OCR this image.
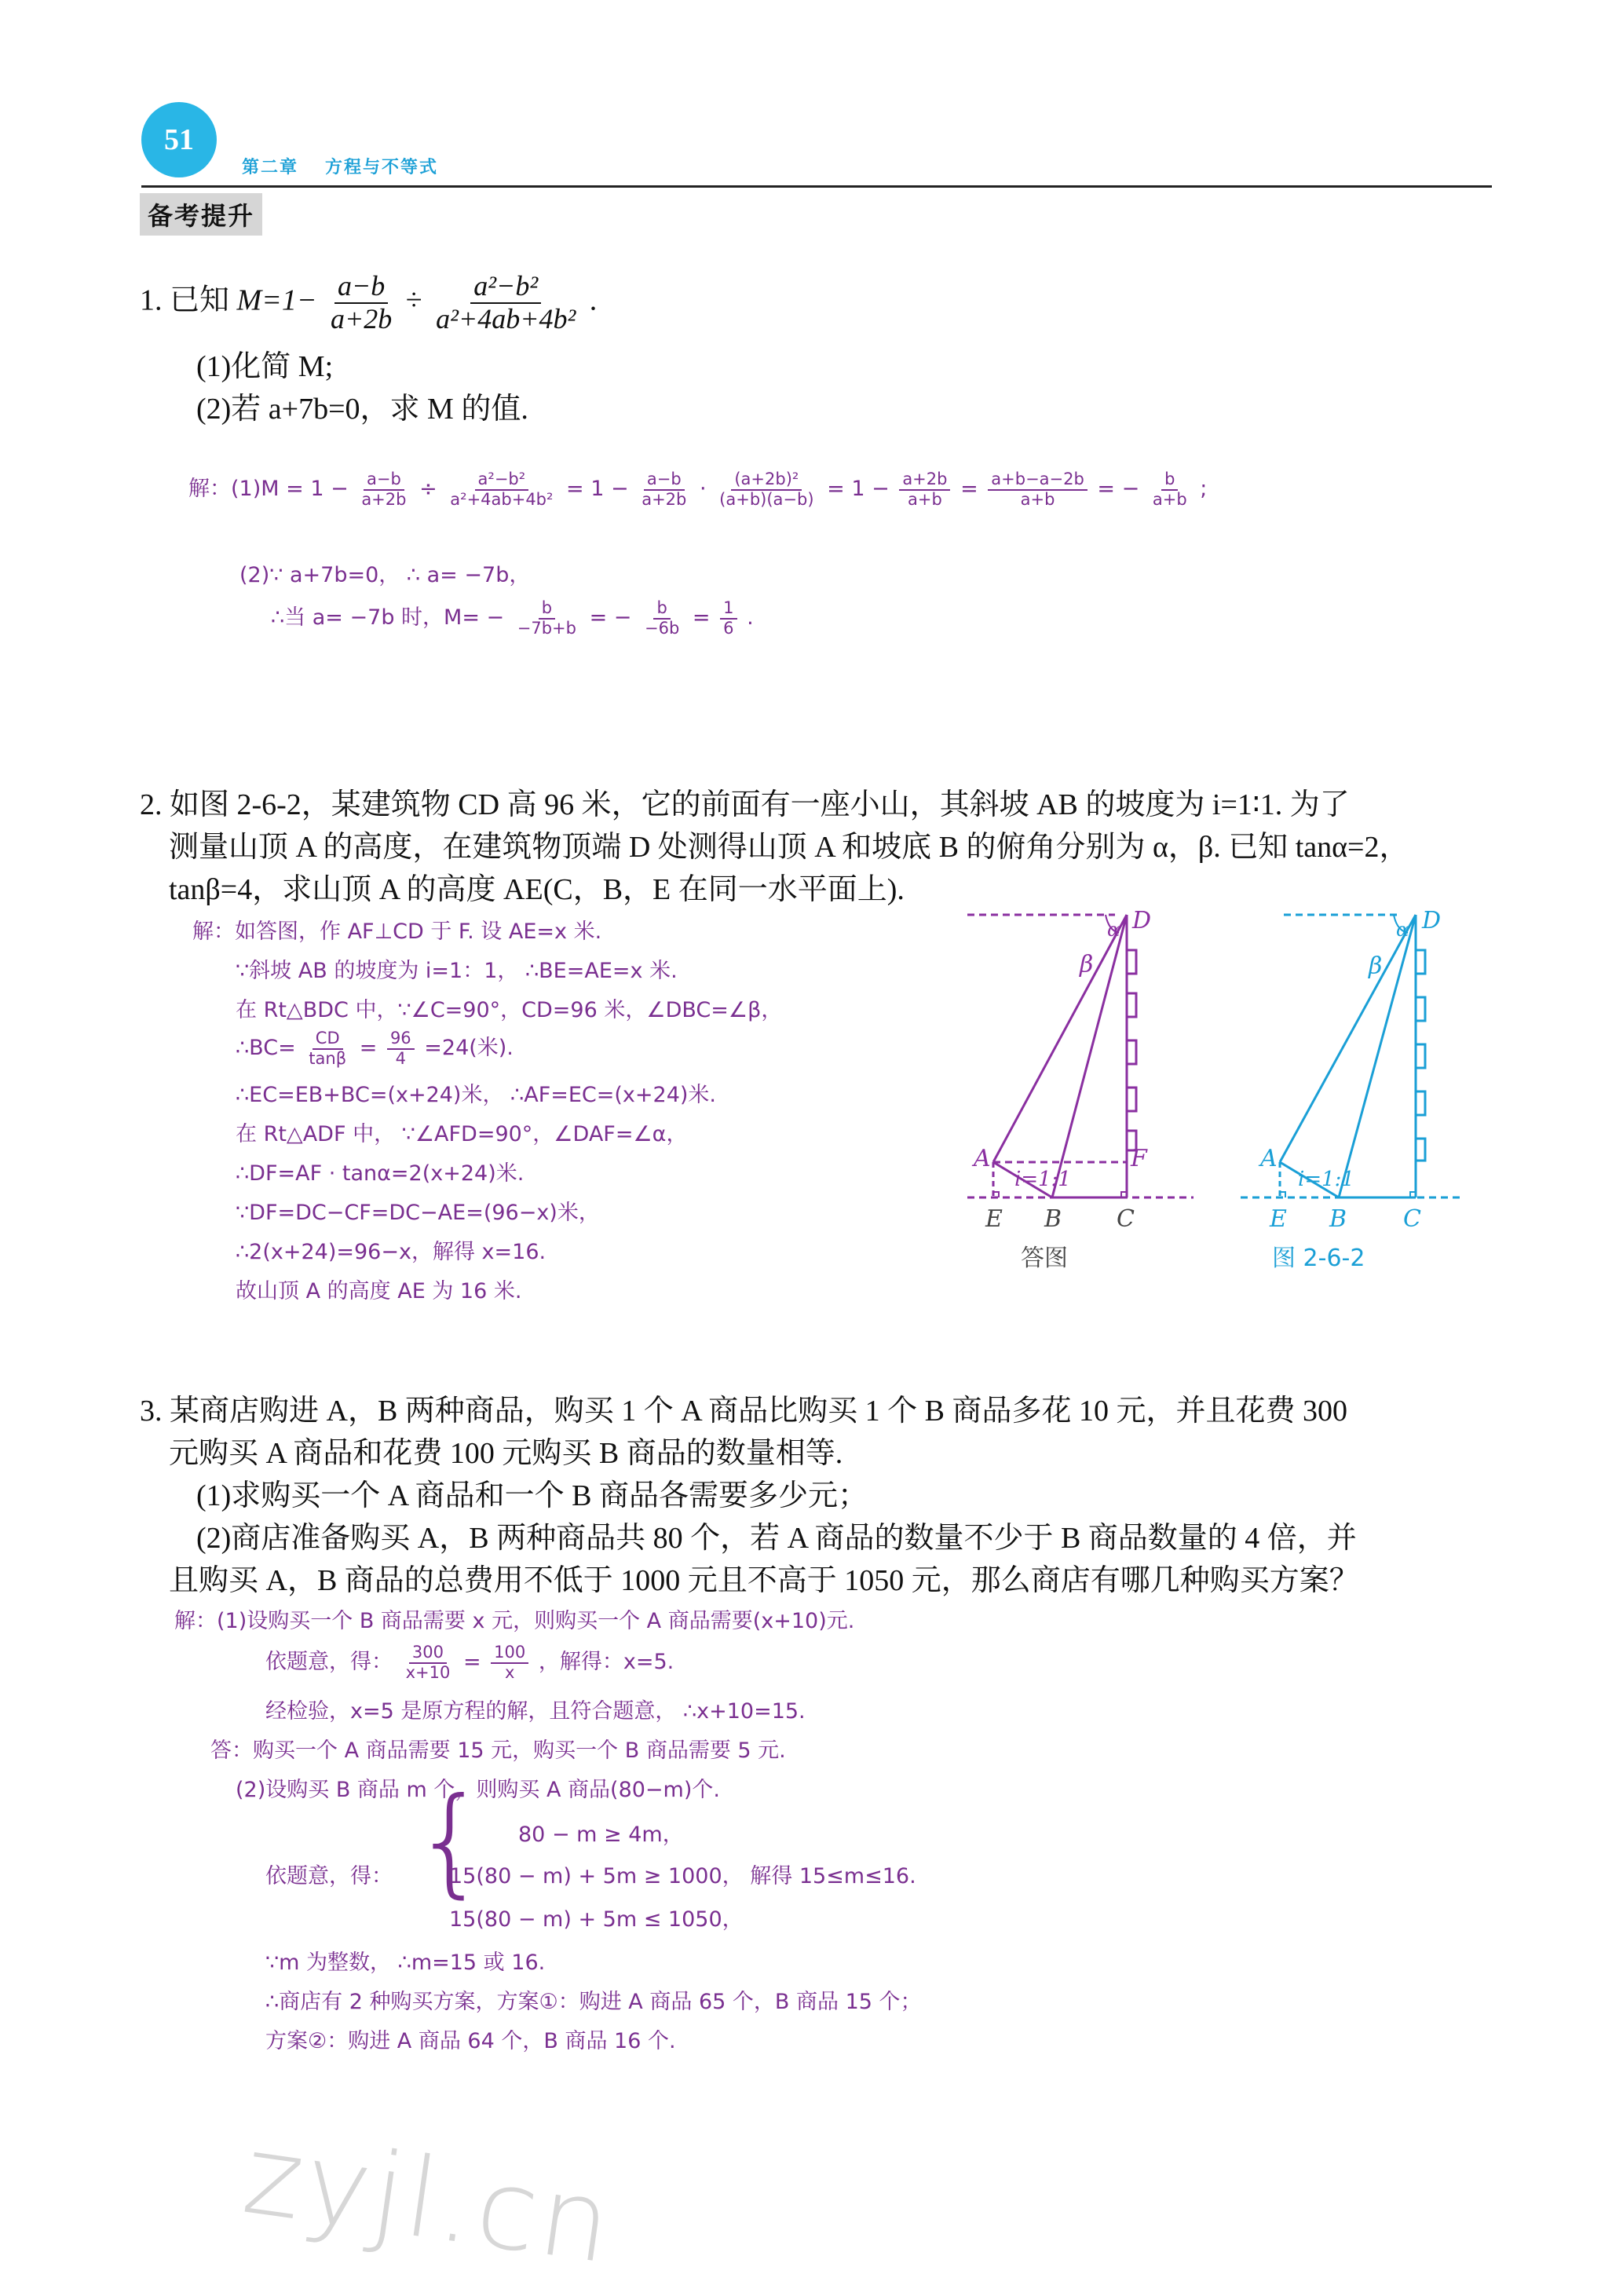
51
第二章 方程与不等式
备考提升
1. 已知 $M=1- \frac{a-b}{a+2b} \div \frac{\text{a²−b²}}{\text{a²+4ab+4b²}}$ .
(1)化简 M;
(2)若 a+7b=0，求 M 的值.
解：$(1)M = 1 - \frac{a-b}{a+2b} \div \frac{\text{a²−b²}}{\text{a²+4ab+4b²}} = 1 - \frac{a-b}{a+2b} \cdot \frac{\text{(a+2b)²}}{(a+b)(a-b)} = 1 - \frac{a+2b}{a+b} = \frac{a+b-a-2b}{a+b}$ = − $\frac{b}{a+b}$ ;
(2)∵ a+7b=0， ∴ a= −7b，
∴当 a= −7b 时，$M= - \frac{b}{-7b+b}$ = − $\frac{b}{-6b} = \frac{1}{6}$ .
2. 如图 2-6-2，某建筑物 CD 高 96 米，它的前面有一座小山，其斜坡 AB 的坡度为 i=1∶1. 为了
测量山顶 A 的高度，在建筑物顶端 D 处测得山顶 A 和坡底 B 的俯角分别为 α，β. 已知 tanα=2，
tanβ=4，求山顶 A 的高度 AE(C，B，E 在同一水平面上).
解：如答图，作 AF⊥CD 于 F. 设 AE=x 米.
∵斜坡 AB 的坡度为 i=1：1， ∴BE=AE=x 米.
在 Rt△BDC 中，∵∠C=90°，CD=96 米，∠DBC=∠β，
∴BC= $\frac{CD}{\tan\beta} = \frac{96}{4} =24$(米).
∴EC=EB+BC=(x+24)米， ∴AF=EC=(x+24)米.
在 Rt△ADF 中， ∵∠AFD=90°，∠DAF=∠α，
∴DF=AF · tanα=2(x+24)米.
∵DF=DC−CF=DC−AE=(96−x)米，
∴2(x+24)=96−x，解得 x=16.
故山顶 A 的高度 AE 为 16 米.
D
α
β
A	F
i=1:1
E B C
答图
D
α
β
A
i=1:1
E B C
图 2-6-2
3. 某商店购进 A，B 两种商品，购买 1 个 A 商品比购买 1 个 B 商品多花 10 元，并且花费 300
元购买 A 商品和花费 100 元购买 B 商品的数量相等.
(1)求购买一个 A 商品和一个 B 商品各需要多少元；
(2)商店准备购买 A，B 两种商品共 80 个，若 A 商品的数量不少于 B 商品数量的 4 倍，并
且购买 A，B 商品的总费用不低于 1000 元且不高于 1050 元，那么商店有哪几种购买方案？
解：(1)设购买一个 B 商品需要 x 元，则购买一个 A 商品需要(x+10)元.
依题意，得： $\frac{300}{x+10} = \frac{100}{x}$ ，解得：x=5.
经检验，x=5 是原方程的解，且符合题意， ∴x+10=15.
答：购买一个 A 商品需要 15 元，购买一个 B 商品需要 5 元.
(2)设购买 B 商品 m 个，则购买 A 商品(80−m)个.
依题意，得： { 80 − m ≥ 4m，
15(80 − m) + 5m ≥ 1000， 解得 15≤m≤16.
15(80 − m) + 5m ≤ 1050，
∵m 为整数， ∴m=15 或 16.
∴商店有 2 种购买方案，方案①：购进 A 商品 65 个，B 商品 15 个；
方案②：购进 A 商品 64 个，B 商品 16 个.
zyjl.cn
